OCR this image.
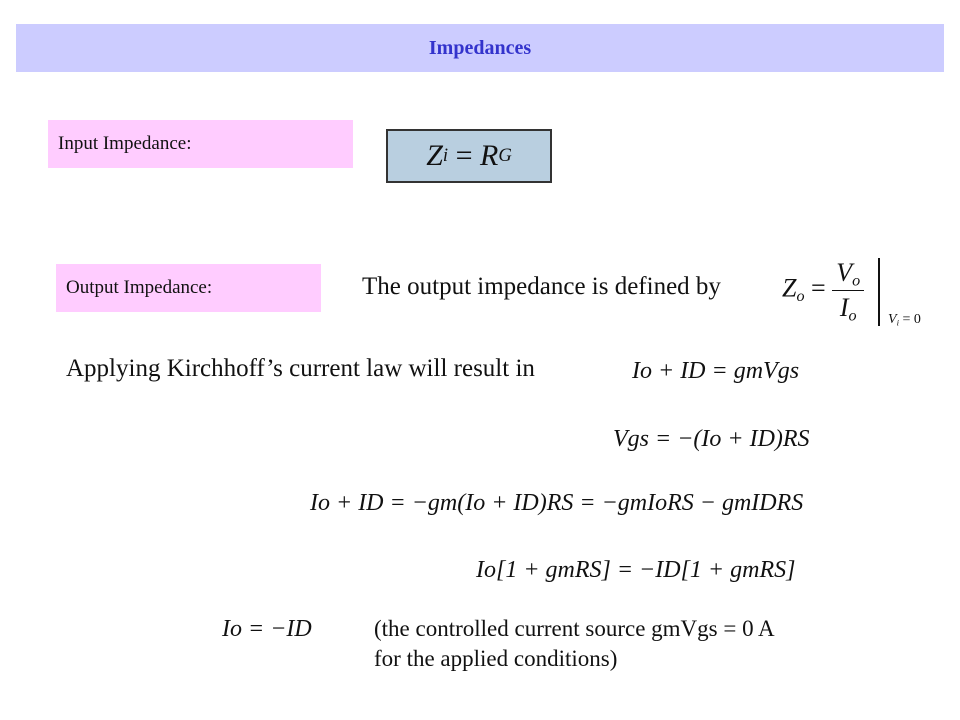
Impedances
Input Impedance:	Z i = R G
Output Impedance:	The output impedance is defined by $Z_o = \frac{V_o}{I_o} V_i = 0$
Applying Kirchhoff’s current law will result in	Io + ID = gmVgs
Vgs = −(Io + ID)RS
Io + ID = −gm(Io + ID)RS = −gmIoRS − gmIDRS
Io[1 + gmRS] = −ID[1 + gmRS]
Io = −ID	(the controlled current source gmVgs = 0 A
for the applied conditions)
